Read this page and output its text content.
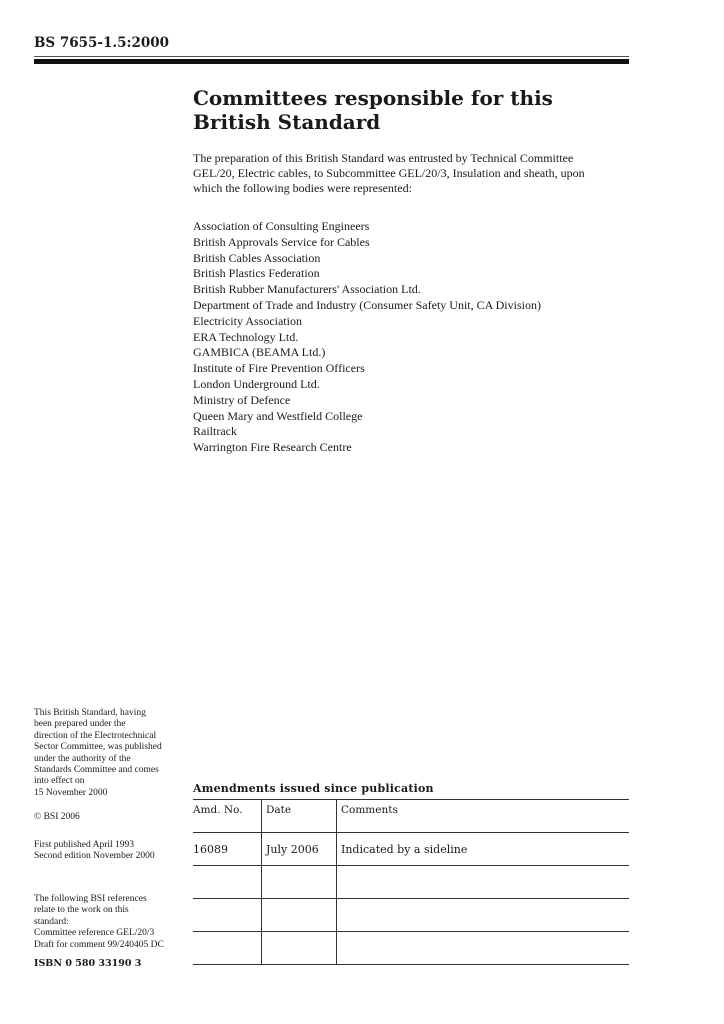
BS 7655-1.5:2000
Committees responsible for this
British Standard

The preparation of this British Standard was entrusted by Technical Committee GEL/20, Electric cables, to Subcommittee GEL/20/3, Insulation and sheath, upon which the following bodies were represented:

Association of Consulting Engineers
British Approvals Service for Cables
British Cables Association
British Plastics Federation
British Rubber Manufacturers' Association Ltd.
Department of Trade and Industry (Consumer Safety Unit, CA Division)
Electricity Association
ERA Technology Ltd.
GAMBICA (BEAMA Ltd.)
Institute of Fire Prevention Officers
London Underground Ltd.
Ministry of Defence
Queen Mary and Westfield College
Railtrack
Warrington Fire Research Centre
This British Standard, having
been prepared under the
direction of the Electrotechnical
Sector Committee, was published
under the authority of the
Standards Committee and comes
into effect on
15 November 2000
© BSI 2006
First published April 1993
Second edition November 2000
The following BSI references
relate to the work on this
standard:
Committee reference GEL/20/3
Draft for comment 99/240405 DC
ISBN 0 580 33190 3
Amendments issued since publication
Amd. No.	Date	Comments
16089	July 2006	Indicated by a sideline
